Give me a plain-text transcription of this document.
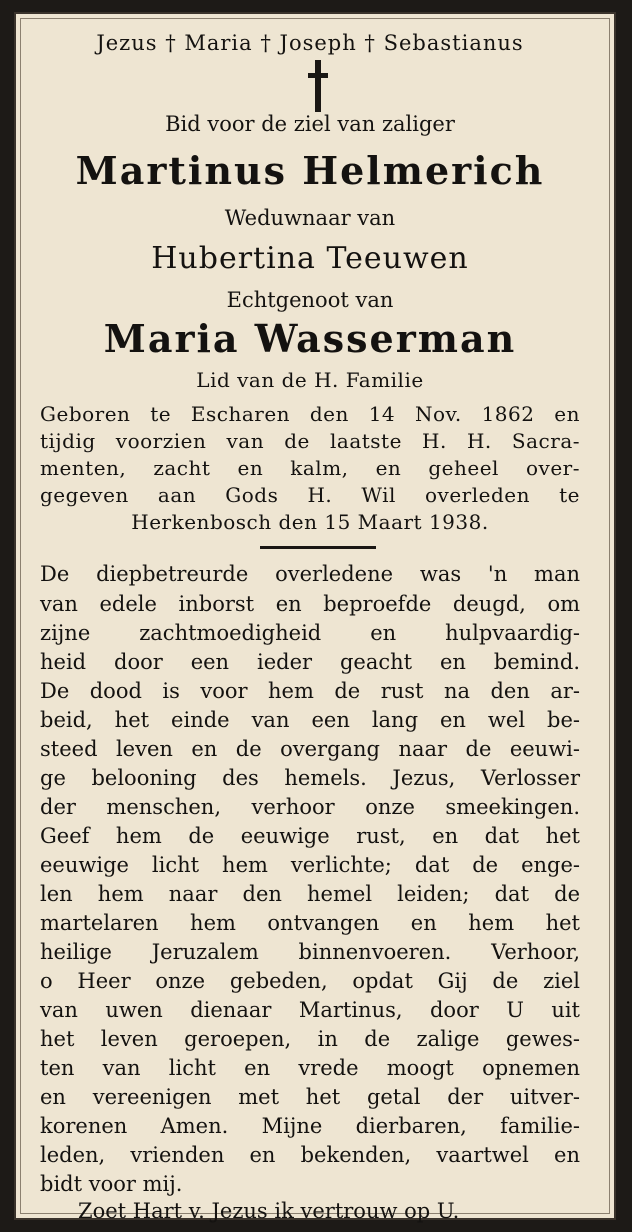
Jezus † Maria † Joseph † Sebastianus
Bid voor de ziel van zaliger
Martinus Helmerich
Weduwnaar van
Hubertina Teeuwen
Echtgenoot van
Maria Wasserman
Lid van de H. Familie
Geboren te Escharen den 14 Nov. 1862 en
tijdig voorzien van de laatste H. H. Sacra-
menten, zacht en kalm, en geheel over-
gegeven aan Gods H. Wil overleden te
Herkenbosch den 15 Maart 1938.
De diepbetreurde overledene was 'n man
van edele inborst en beproefde deugd, om
zijne zachtmoedigheid en hulpvaardig-
heid door een ieder geacht en bemind.
De dood is voor hem de rust na den ar-
beid, het einde van een lang en wel be-
steed leven en de overgang naar de eeuwi-
ge belooning des hemels. Jezus, Verlosser
der menschen, verhoor onze smeekingen.
Geef hem de eeuwige rust, en dat het
eeuwige licht hem verlichte; dat de enge-
len hem naar den hemel leiden; dat de
martelaren hem ontvangen en hem het
heilige Jeruzalem binnenvoeren. Verhoor,
o Heer onze gebeden, opdat Gij de ziel
van uwen dienaar Martinus, door U uit
het leven geroepen, in de zalige gewes-
ten van licht en vrede moogt opnemen
en vereenigen met het getal der uitver-
korenen Amen. Mijne dierbaren, familie-
leden, vrienden en bekenden, vaartwel en
bidt voor mij.
Zoet Hart v. Jezus ik vertrouw op U.
